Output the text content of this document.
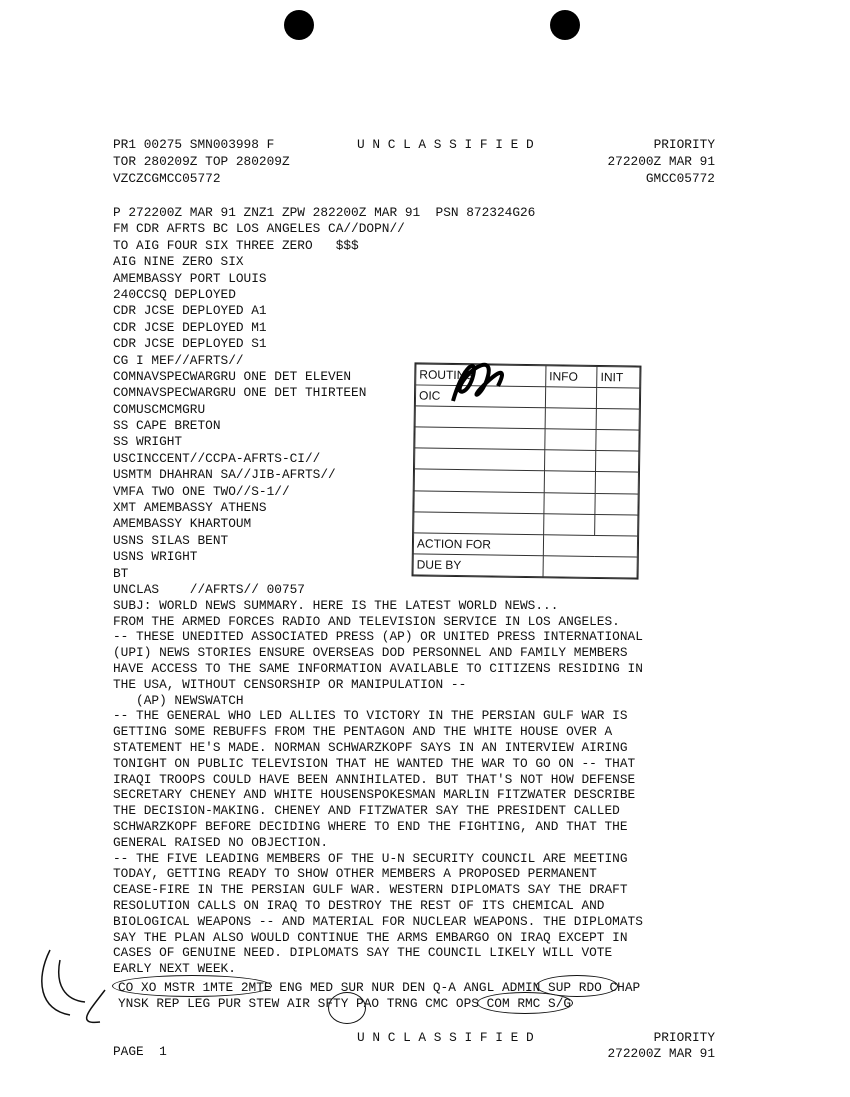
PR1 00275 SMN003998 F
TOR 280209Z TOP 280209Z
VZCZCGMCC05772
U N C L A S S I F I E D	PRIORITY
272200Z MAR 91
GMCC05772
P 272200Z MAR 91 ZNZ1 ZPW 282200Z MAR 91  PSN 872324G26
FM CDR AFRTS BC LOS ANGELES CA//DOPN//
TO AIG FOUR SIX THREE ZERO   $$$
AIG NINE ZERO SIX
AMEMBASSY PORT LOUIS
240CCSQ DEPLOYED
CDR JCSE DEPLOYED A1
CDR JCSE DEPLOYED M1
CDR JCSE DEPLOYED S1
CG I MEF//AFRTS//
COMNAVSPECWARGRU ONE DET ELEVEN
COMNAVSPECWARGRU ONE DET THIRTEEN
COMUSCMCMGRU
SS CAPE BRETON
SS WRIGHT
USCINCCENT//CCPA-AFRTS-CI//
USMTM DHAHRAN SA//JIB-AFRTS//
VMFA TWO ONE TWO//S-1//
XMT AMEMBASSY ATHENS
AMEMBASSY KHARTOUM
USNS SILAS BENT
USNS WRIGHT
BT
UNCLAS    //AFRTS// 00757
SUBJ: WORLD NEWS SUMMARY. HERE IS THE LATEST WORLD NEWS...
FROM THE ARMED FORCES RADIO AND TELEVISION SERVICE IN LOS ANGELES.
-- THESE UNEDITED ASSOCIATED PRESS (AP) OR UNITED PRESS INTERNATIONAL
(UPI) NEWS STORIES ENSURE OVERSEAS DOD PERSONNEL AND FAMILY MEMBERS
HAVE ACCESS TO THE SAME INFORMATION AVAILABLE TO CITIZENS RESIDING IN
THE USA, WITHOUT CENSORSHIP OR MANIPULATION --
(AP) NEWSWATCH
-- THE GENERAL WHO LED ALLIES TO VICTORY IN THE PERSIAN GULF WAR IS
GETTING SOME REBUFFS FROM THE PENTAGON AND THE WHITE HOUSE OVER A
STATEMENT HE'S MADE. NORMAN SCHWARZKOPF SAYS IN AN INTERVIEW AIRING
TONIGHT ON PUBLIC TELEVISION THAT HE WANTED THE WAR TO GO ON -- THAT
IRAQI TROOPS COULD HAVE BEEN ANNIHILATED. BUT THAT'S NOT HOW DEFENSE
SECRETARY CHENEY AND WHITE HOUSENSPOKESMAN MARLIN FITZWATER DESCRIBE
THE DECISION-MAKING. CHENEY AND FITZWATER SAY THE PRESIDENT CALLED
SCHWARZKOPF BEFORE DECIDING WHERE TO END THE FIGHTING, AND THAT THE
GENERAL RAISED NO OBJECTION.
-- THE FIVE LEADING MEMBERS OF THE U-N SECURITY COUNCIL ARE MEETING
TODAY, GETTING READY TO SHOW OTHER MEMBERS A PROPOSED PERMANENT
CEASE-FIRE IN THE PERSIAN GULF WAR. WESTERN DIPLOMATS SAY THE DRAFT
RESOLUTION CALLS ON IRAQ TO DESTROY THE REST OF ITS CHEMICAL AND
BIOLOGICAL WEAPONS -- AND MATERIAL FOR NUCLEAR WEAPONS. THE DIPLOMATS
SAY THE PLAN ALSO WOULD CONTINUE THE ARMS EMBARGO ON IRAQ EXCEPT IN
CASES OF GENUINE NEED. DIPLOMATS SAY THE COUNCIL LIKELY WILL VOTE
EARLY NEXT WEEK.
ROUTING	INFO	INIT
OIC		

ACTION FOR		
DUE BY		
CO XO MSTR 1MTE 2MTE ENG MED SUR NUR DEN Q-A ANGL ADMIN SUP RDO CHAP
YNSK REP LEG PUR STEW AIR SFTY PAO TRNG CMC OPS COM RMC S/G
PAGE  1
U N C L A S S I F I E D	PRIORITY
272200Z MAR 91
